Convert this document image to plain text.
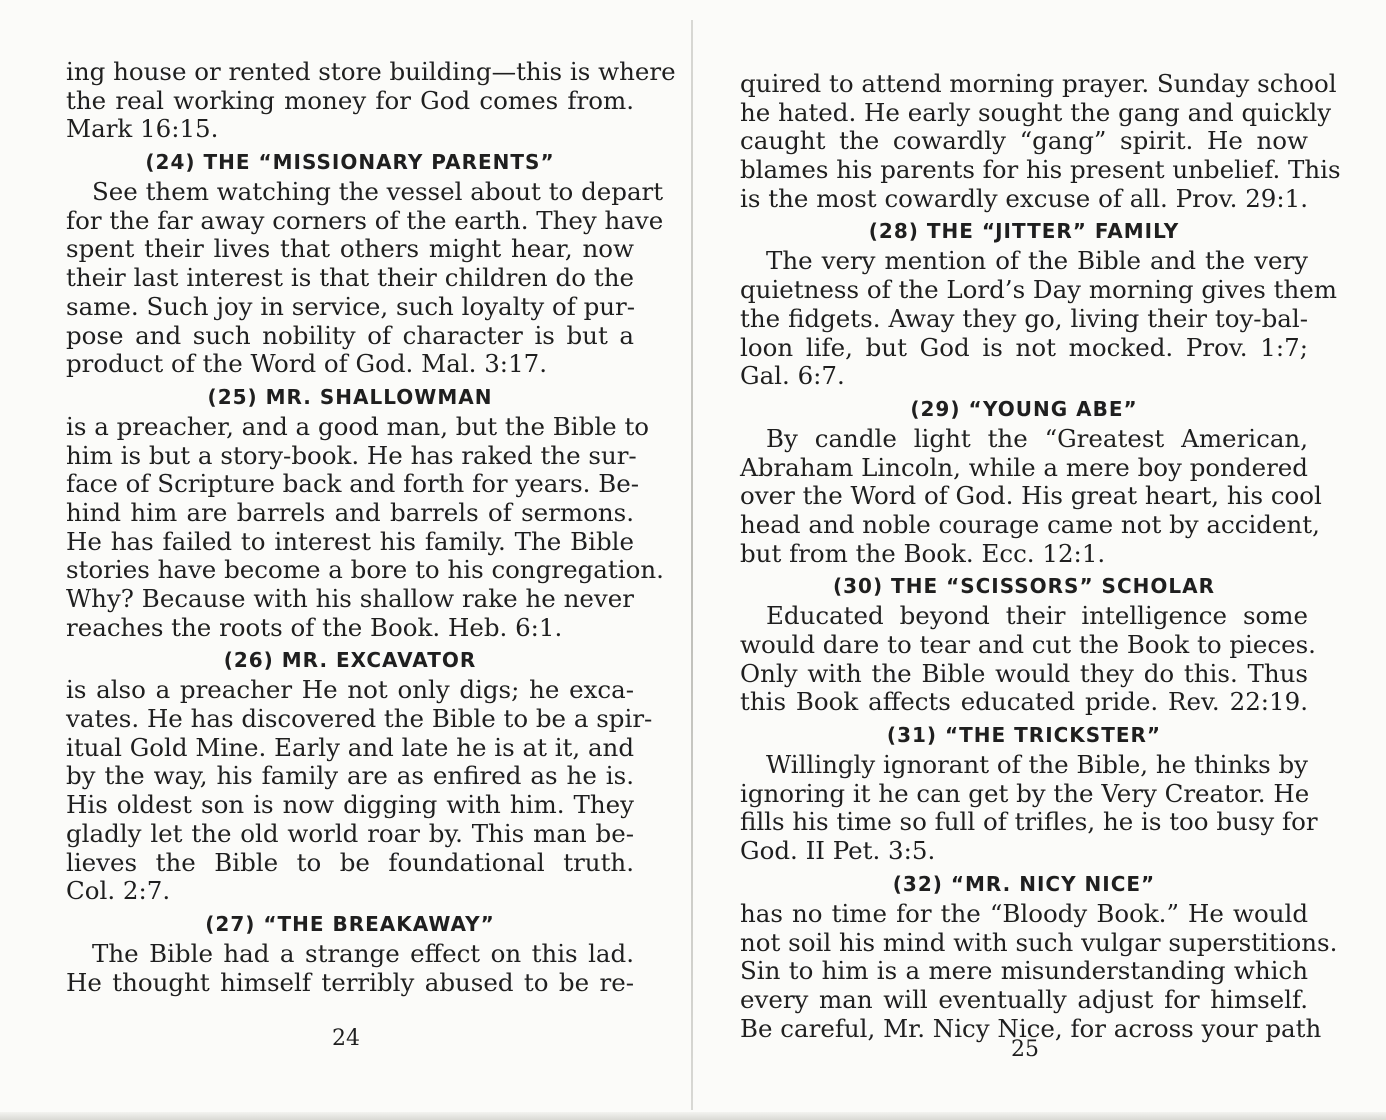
ing house or rented store building—this is where
the real working money for God comes from.
Mark 16:15.
(24) THE “MISSIONARY PARENTS”
See them watching the vessel about to depart
for the far away corners of the earth. They have
spent their lives that others might hear, now
their last interest is that their children do the
same. Such joy in service, such loyalty of pur-
pose and such nobility of character is but a
product of the Word of God. Mal. 3:17.
(25) MR. SHALLOWMAN
is a preacher, and a good man, but the Bible to
him is but a story-book. He has raked the sur-
face of Scripture back and forth for years. Be-
hind him are barrels and barrels of sermons.
He has failed to interest his family. The Bible
stories have become a bore to his congregation.
Why? Because with his shallow rake he never
reaches the roots of the Book. Heb. 6:1.
(26) MR. EXCAVATOR
is also a preacher He not only digs; he exca-
vates. He has discovered the Bible to be a spir-
itual Gold Mine. Early and late he is at it, and
by the way, his family are as enfired as he is.
His oldest son is now digging with him. They
gladly let the old world roar by. This man be-
lieves the Bible to be foundational truth.
Col. 2:7.
(27) “THE BREAKAWAY”
The Bible had a strange effect on this lad.
He thought himself terribly abused to be re-
24
quired to attend morning prayer. Sunday school
he hated. He early sought the gang and quickly
caught the cowardly “gang” spirit. He now
blames his parents for his present unbelief. This
is the most cowardly excuse of all. Prov. 29:1.
(28) THE “JITTER” FAMILY
The very mention of the Bible and the very
quietness of the Lord’s Day morning gives them
the fidgets. Away they go, living their toy-bal-
loon life, but God is not mocked. Prov. 1:7;
Gal. 6:7.
(29) “YOUNG ABE”
By candle light the “Greatest American,
Abraham Lincoln, while a mere boy pondered
over the Word of God. His great heart, his cool
head and noble courage came not by accident,
but from the Book. Ecc. 12:1.
(30) THE “SCISSORS” SCHOLAR
Educated beyond their intelligence some
would dare to tear and cut the Book to pieces.
Only with the Bible would they do this. Thus
this Book affects educated pride. Rev. 22:19.
(31) “THE TRICKSTER”
Willingly ignorant of the Bible, he thinks by
ignoring it he can get by the Very Creator. He
fills his time so full of trifles, he is too busy for
God. II Pet. 3:5.
(32) “MR. NICY NICE”
has no time for the “Bloody Book.” He would
not soil his mind with such vulgar superstitions.
Sin to him is a mere misunderstanding which
every man will eventually adjust for himself.
Be careful, Mr. Nicy Nice, for across your path
25
